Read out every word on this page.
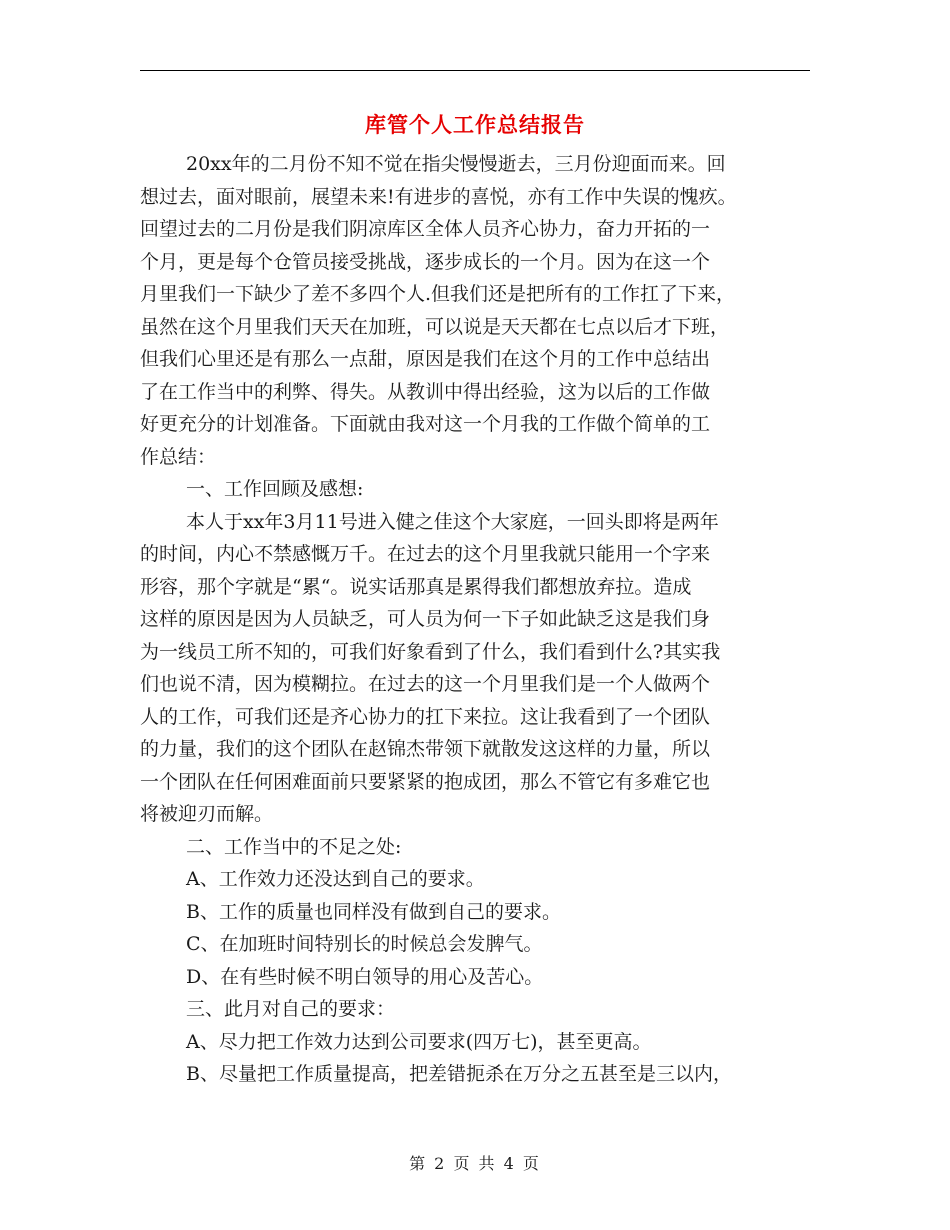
库管个人工作总结报告
20xx年的二月份不知不觉在指尖慢慢逝去，三月份迎面而来。回
想过去，面对眼前，展望未来!有进步的喜悦，亦有工作中失误的愧疚。
回望过去的二月份是我们阴凉库区全体人员齐心协力，奋力开拓的一
个月，更是每个仓管员接受挑战，逐步成长的一个月。因为在这一个
月里我们一下缺少了差不多四个人.但我们还是把所有的工作扛了下来，
虽然在这个月里我们天天在加班，可以说是天天都在七点以后才下班，
但我们心里还是有那么一点甜，原因是我们在这个月的工作中总结出
了在工作当中的利弊、得失。从教训中得出经验，这为以后的工作做
好更充分的计划准备。下面就由我对这一个月我的工作做个简单的工
作总结：
一、工作回顾及感想:
本人于xx年3月11号进入健之佳这个大家庭，一回头即将是两年
的时间，内心不禁感慨万千。在过去的这个月里我就只能用一个字来
形容，那个字就是“累“。说实话那真是累得我们都想放弃拉。造成
这样的原因是因为人员缺乏，可人员为何一下子如此缺乏这是我们身
为一线员工所不知的，可我们好象看到了什么，我们看到什么?其实我
们也说不清，因为模糊拉。在过去的这一个月里我们是一个人做两个
人的工作，可我们还是齐心协力的扛下来拉。这让我看到了一个团队
的力量，我们的这个团队在赵锦杰带领下就散发这这样的力量，所以
一个团队在任何困难面前只要紧紧的抱成团，那么不管它有多难它也
将被迎刃而解。
二、工作当中的不足之处:
A、工作效力还没达到自己的要求。
B、工作的质量也同样没有做到自己的要求。
C、在加班时间特别长的时候总会发脾气。
D、在有些时候不明白领导的用心及苦心。
三、此月对自己的要求：
A、尽力把工作效力达到公司要求(四万七)，甚至更高。
B、尽量把工作质量提高，把差错扼杀在万分之五甚至是三以内，
第 2 页 共 4 页
